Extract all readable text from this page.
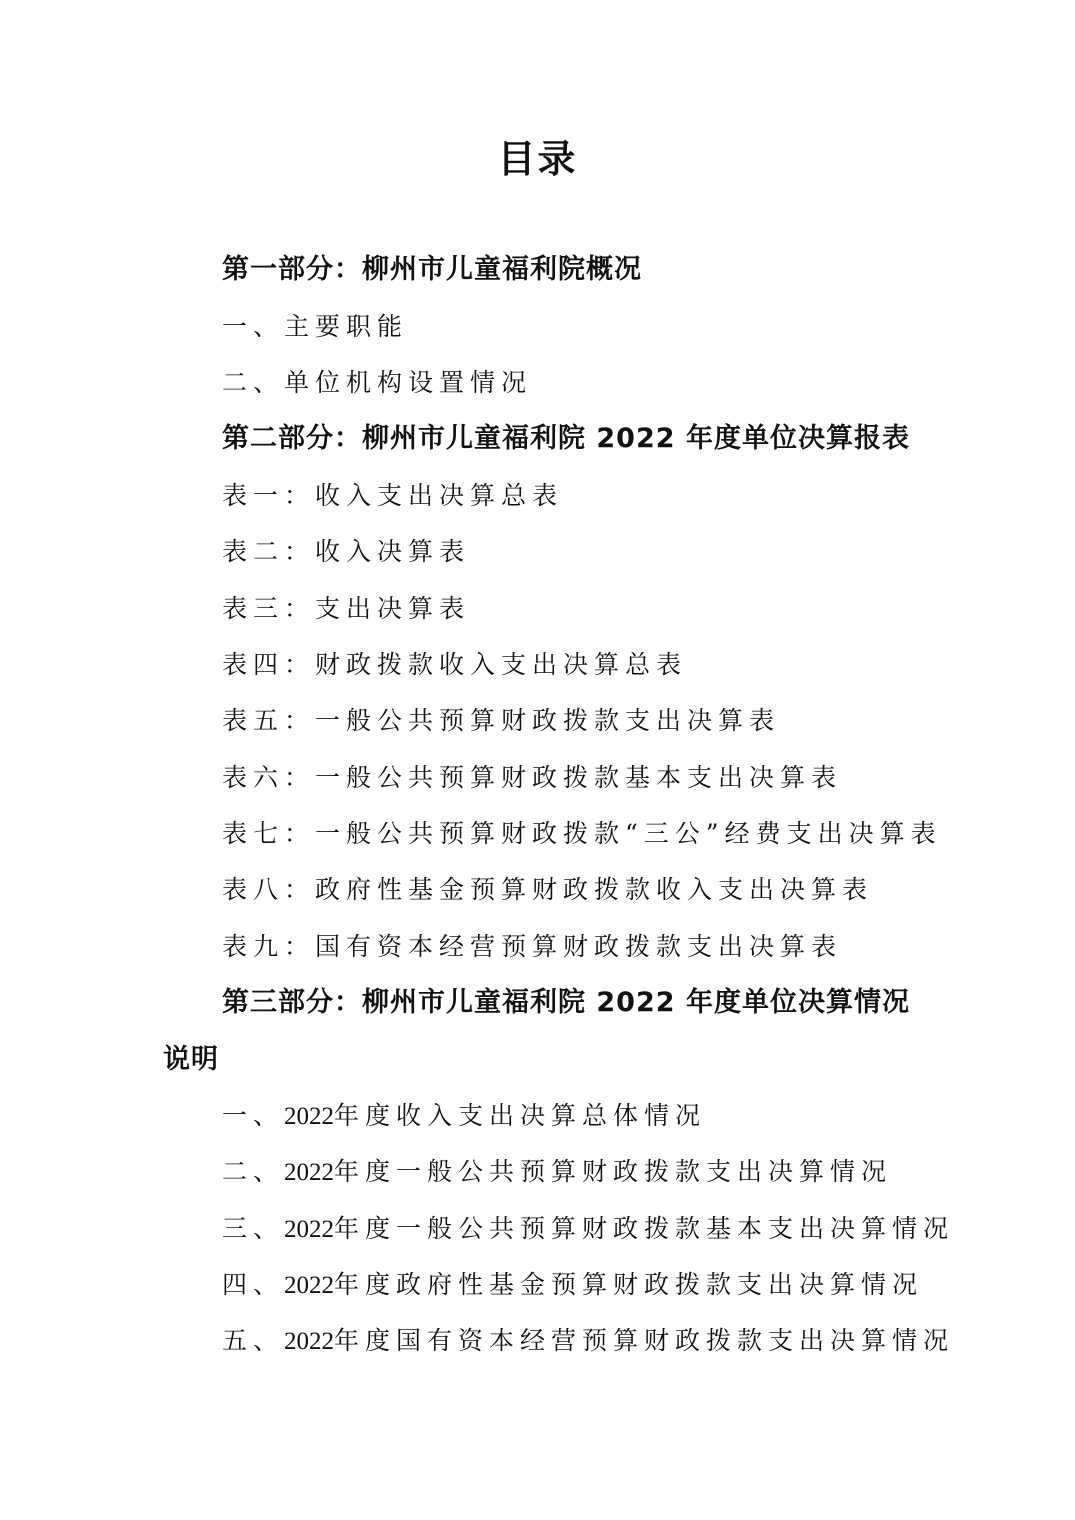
目录
第一部分：柳州市儿童福利院概况
一、主要职能
二、单位机构设置情况
第二部分：柳州市儿童福利院 2022 年度单位决算报表
表一：收入支出决算总表
表二：收入决算表
表三：支出决算表
表四：财政拨款收入支出决算总表
表五：一般公共预算财政拨款支出决算表
表六：一般公共预算财政拨款基本支出决算表
表七：一般公共预算财政拨款“三公”经费支出决算表
表八：政府性基金预算财政拨款收入支出决算表
表九：国有资本经营预算财政拨款支出决算表
第三部分：柳州市儿童福利院 2022 年度单位决算情况
说明
一、2022年度收入支出决算总体情况
二、2022年度一般公共预算财政拨款支出决算情况
三、2022年度一般公共预算财政拨款基本支出决算情况
四、2022年度政府性基金预算财政拨款支出决算情况
五、2022年度国有资本经营预算财政拨款支出决算情况
